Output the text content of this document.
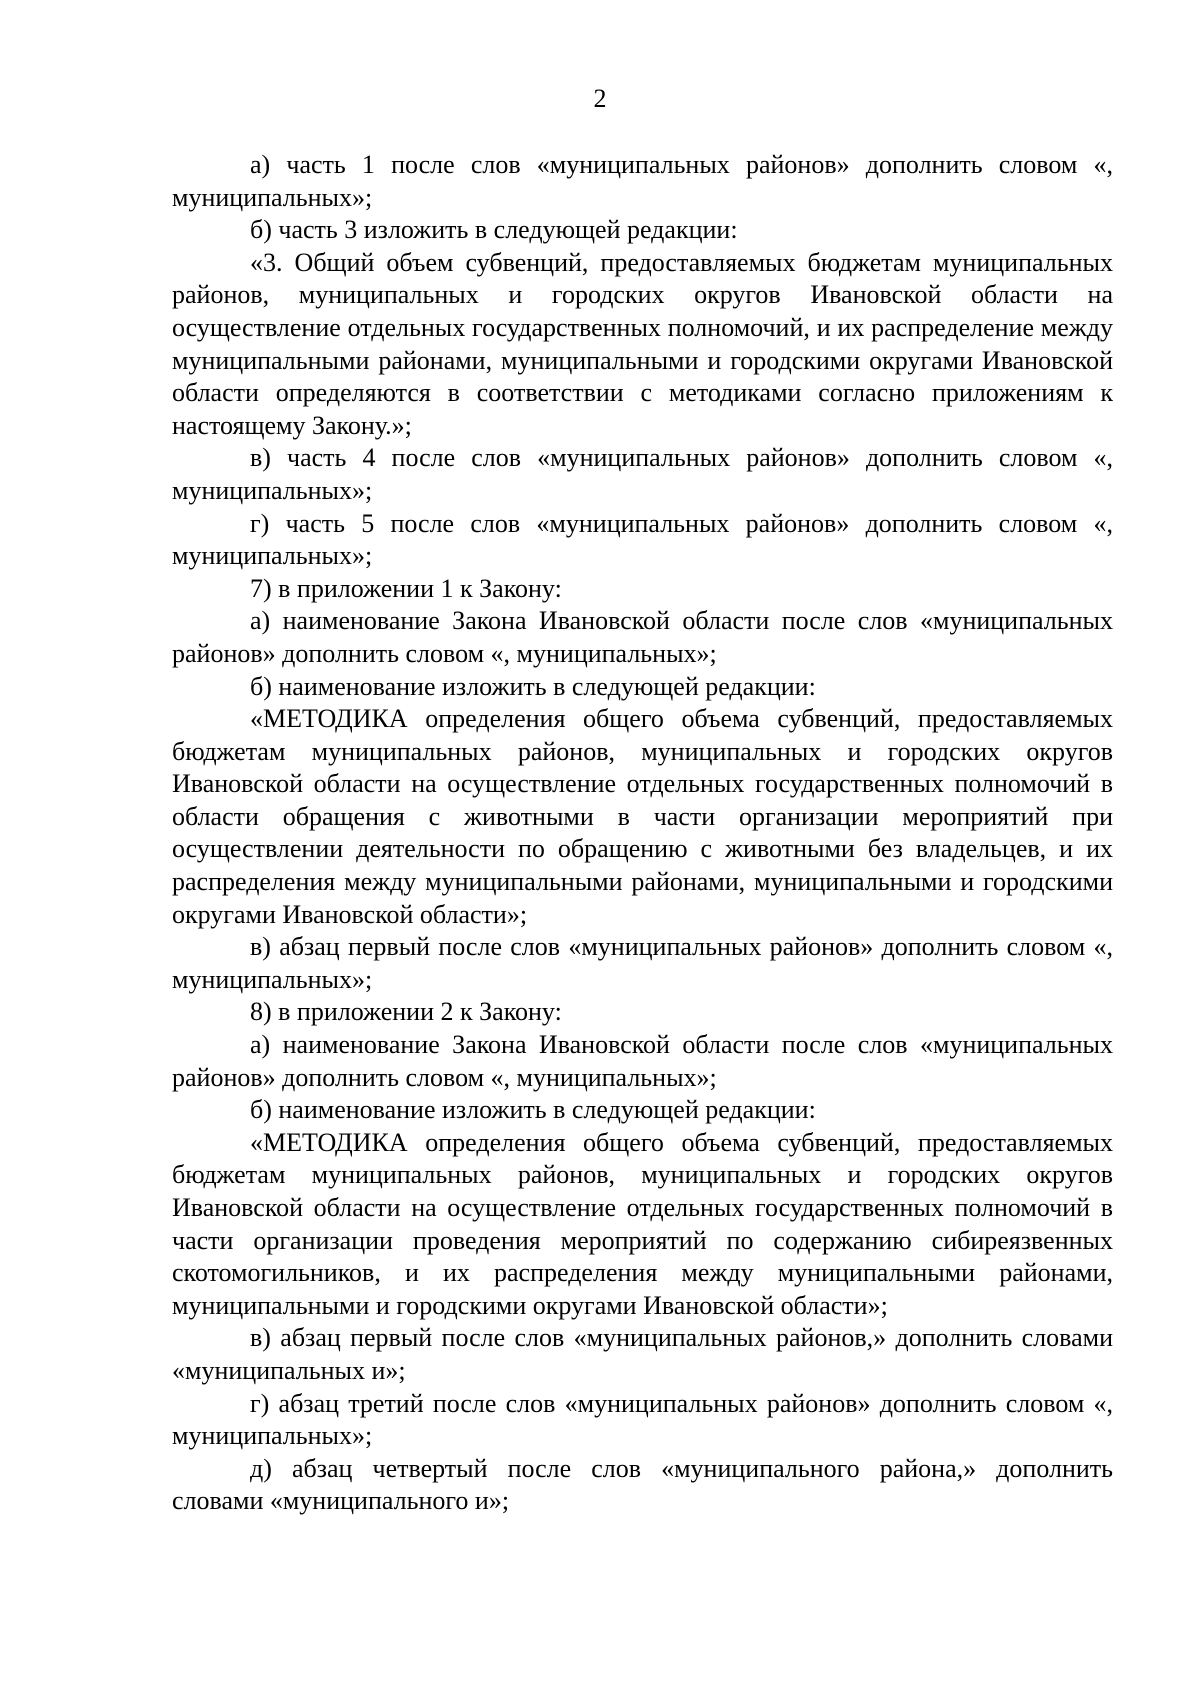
2

а) часть 1 после слов «муниципальных районов» дополнить словом «, муниципальных»;

б) часть 3 изложить в следующей редакции:

«3. Общий объем субвенций, предоставляемых бюджетам муниципальных районов, муниципальных и городских округов Ивановской области на осуществление отдельных государственных полномочий, и их распределение между муниципальными районами, муниципальными и городскими округами Ивановской области определяются в соответствии с методиками согласно приложениям к настоящему Закону.»;

в) часть 4 после слов «муниципальных районов» дополнить словом «, муниципальных»;

г) часть 5 после слов «муниципальных районов» дополнить словом «, муниципальных»;

7) в приложении 1 к Закону:

а) наименование Закона Ивановской области после слов «муниципальных районов» дополнить словом «, муниципальных»;

б) наименование изложить в следующей редакции:

«МЕТОДИКА определения общего объема субвенций, предоставляемых бюджетам муниципальных районов, муниципальных и городских округов Ивановской области на осуществление отдельных государственных полномочий в области обращения с животными в части организации мероприятий при осуществлении деятельности по обращению с животными без владельцев, и их распределения между муниципальными районами, муниципальными и городскими округами Ивановской области»;

в) абзац первый после слов «муниципальных районов» дополнить словом «, муниципальных»;

8) в приложении 2 к Закону:

а) наименование Закона Ивановской области после слов «муниципальных районов» дополнить словом «, муниципальных»;

б) наименование изложить в следующей редакции:

«МЕТОДИКА определения общего объема субвенций, предоставляемых бюджетам муниципальных районов, муниципальных и городских округов Ивановской области на осуществление отдельных государственных полномочий в части организации проведения мероприятий по содержанию сибиреязвенных скотомогильников, и их распределения между муниципальными районами, муниципальными и городскими округами Ивановской области»;

в) абзац первый после слов «муниципальных районов,» дополнить словами «муниципальных и»;

г) абзац третий после слов «муниципальных районов» дополнить словом «, муниципальных»;

д) абзац четвертый после слов «муниципального района,» дополнить словами «муниципального и»;
